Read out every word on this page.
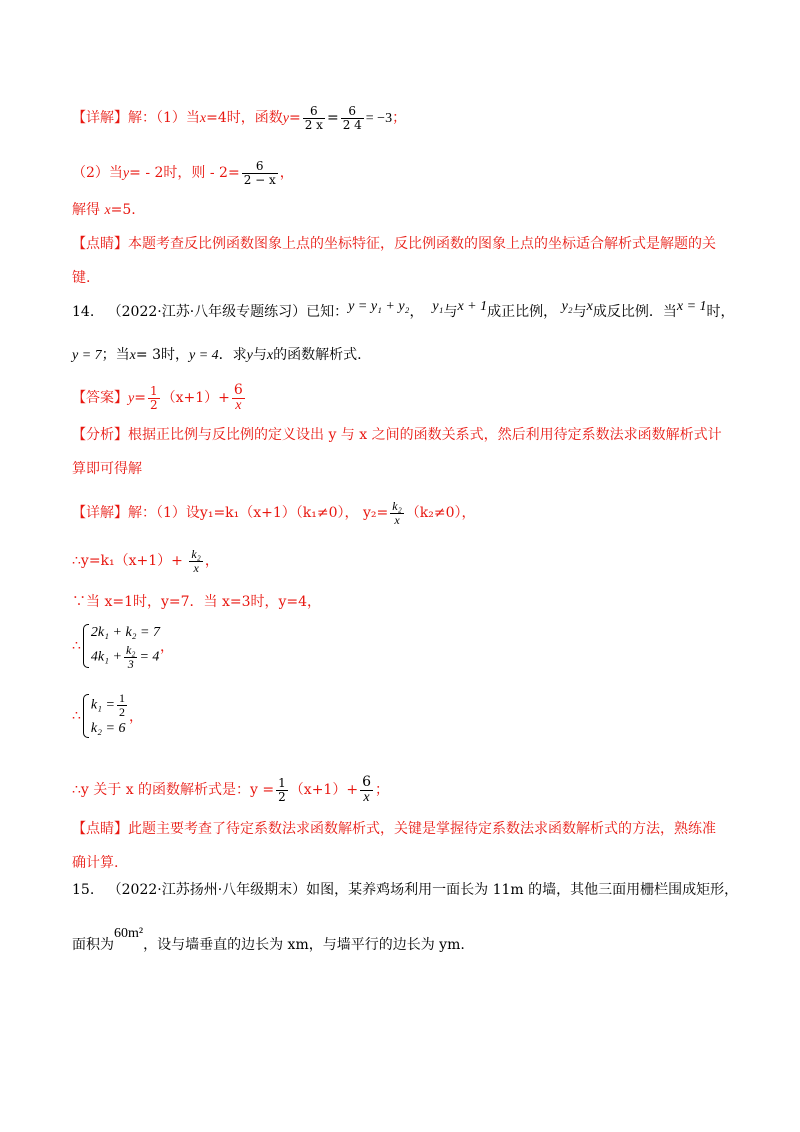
【详解】解：（1）当x=4时，函数$y= \frac{6}{2 x} = \frac{6}{2 4} = -3$；
（2）当y= - 2时，则 - $2= \frac{6}{2 - x}$ ，
解得 x=5.
【点睛】本题考查反比例函数图象上点的坐标特征，反比例函数的图象上点的坐标适合解析式是解题的关键.
14. （2022·江苏·八年级专题练习）已知：y = y₁ + y₂， y₁与x + 1成正比例， y₂与x成反比例．当x = 1时，
y = 7；当x= 3时，y = 4．求y与x的函数解析式.
【答案】$y= \frac{1}{2} (x+1)+ \frac{6}{x}$
【分析】根据正比例与反比例的定义设出 y 与 x 之间的函数关系式，然后利用待定系数法求函数解析式计算即可得解
【详解】解：（1）设y₁=k₁（x+1）（k₁≠0）， $y_2= \frac{\text{k₂}}{x} (k_2\ne 0)$，
∴y=k₁（x+1）+ $\frac{\text{k₂}}{x}$ ，
∵当 x=1时，y=7．当 x=3时，y=4，
∴
2k₁ + k₂ = 7
$4k_1 + \frac{\text{k₂}}{3} = 4$
，
∴
$k_1 = \frac{1}{2}$
k₂ = 6
，
∴y 关于 x 的函数解析式是：$y = \frac{1}{2} (x+1)+ \frac{6}{x}$ ；
【点睛】此题主要考查了待定系数法求函数解析式，关键是掌握待定系数法求函数解析式的方法，熟练准确计算.
15. （2022·江苏扬州·八年级期末）如图，某养鸡场利用一面长为 11m 的墙，其他三面用栅栏围成矩形，
面积为60m²，设与墙垂直的边长为 xm，与墙平行的边长为 ym.
